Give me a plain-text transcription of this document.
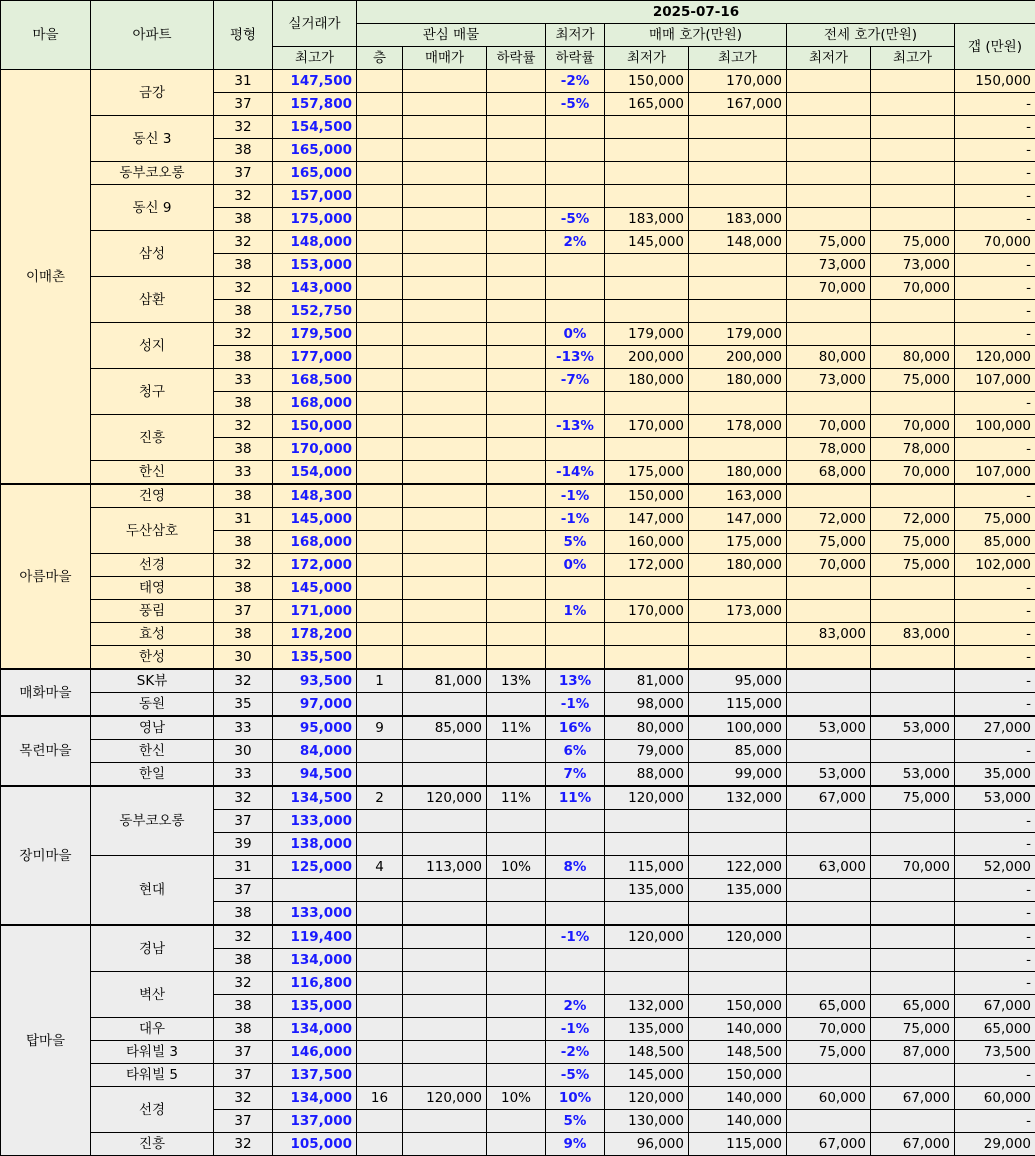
마을	아파트	평형	실거래가	2025-07-16								
				관심 매물			최저가	매매 호가(만원)		전세 호가(만원)		갭 (만원)
			최고가	층	매매가	하락률	하락률	최저가	최고가	최저가	최고가	
이매촌	금강	31	147,500				-2%	150,000	170,000			150,000
		37	157,800				-5%	165,000	167,000			-
	동신 3	32	154,500									-
		38	165,000									-
	동부코오롱	37	165,000									-
	동신 9	32	157,000									-
		38	175,000				-5%	183,000	183,000			-
	삼성	32	148,000				2%	145,000	148,000	75,000	75,000	70,000
		38	153,000							73,000	73,000	-
	삼환	32	143,000							70,000	70,000	-
		38	152,750									-
	성지	32	179,500				0%	179,000	179,000			-
		38	177,000				-13%	200,000	200,000	80,000	80,000	120,000
	청구	33	168,500				-7%	180,000	180,000	73,000	75,000	107,000
		38	168,000									-
	진흥	32	150,000				-13%	170,000	178,000	70,000	70,000	100,000
		38	170,000							78,000	78,000	-
	한신	33	154,000				-14%	175,000	180,000	68,000	70,000	107,000
아름마을	건영	38	148,300				-1%	150,000	163,000			-
	두산삼호	31	145,000				-1%	147,000	147,000	72,000	72,000	75,000
		38	168,000				5%	160,000	175,000	75,000	75,000	85,000
	선경	32	172,000				0%	172,000	180,000	70,000	75,000	102,000
	태영	38	145,000									-
	풍림	37	171,000				1%	170,000	173,000			-
	효성	38	178,200							83,000	83,000	-
	한성	30	135,500									-
매화마을	SK뷰	32	93,500	1	81,000	13%	13%	81,000	95,000			-
	동원	35	97,000				-1%	98,000	115,000			-
목련마을	영남	33	95,000	9	85,000	11%	16%	80,000	100,000	53,000	53,000	27,000
	한신	30	84,000				6%	79,000	85,000			-
	한일	33	94,500				7%	88,000	99,000	53,000	53,000	35,000
장미마을	동부코오롱	32	134,500	2	120,000	11%	11%	120,000	132,000	67,000	75,000	53,000
		37	133,000									-
		39	138,000									-
	현대	31	125,000	4	113,000	10%	8%	115,000	122,000	63,000	70,000	52,000
		37						135,000	135,000			-
		38	133,000									-
탑마을	경남	32	119,400				-1%	120,000	120,000			-
		38	134,000									-
	벽산	32	116,800									-
		38	135,000				2%	132,000	150,000	65,000	65,000	67,000
	대우	38	134,000				-1%	135,000	140,000	70,000	75,000	65,000
	타워빌 3	37	146,000				-2%	148,500	148,500	75,000	87,000	73,500
	타워빌 5	37	137,500				-5%	145,000	150,000			-
	선경	32	134,000	16	120,000	10%	10%	120,000	140,000	60,000	67,000	60,000
		37	137,000				5%	130,000	140,000			-
	진흥	32	105,000				9%	96,000	115,000	67,000	67,000	29,000
